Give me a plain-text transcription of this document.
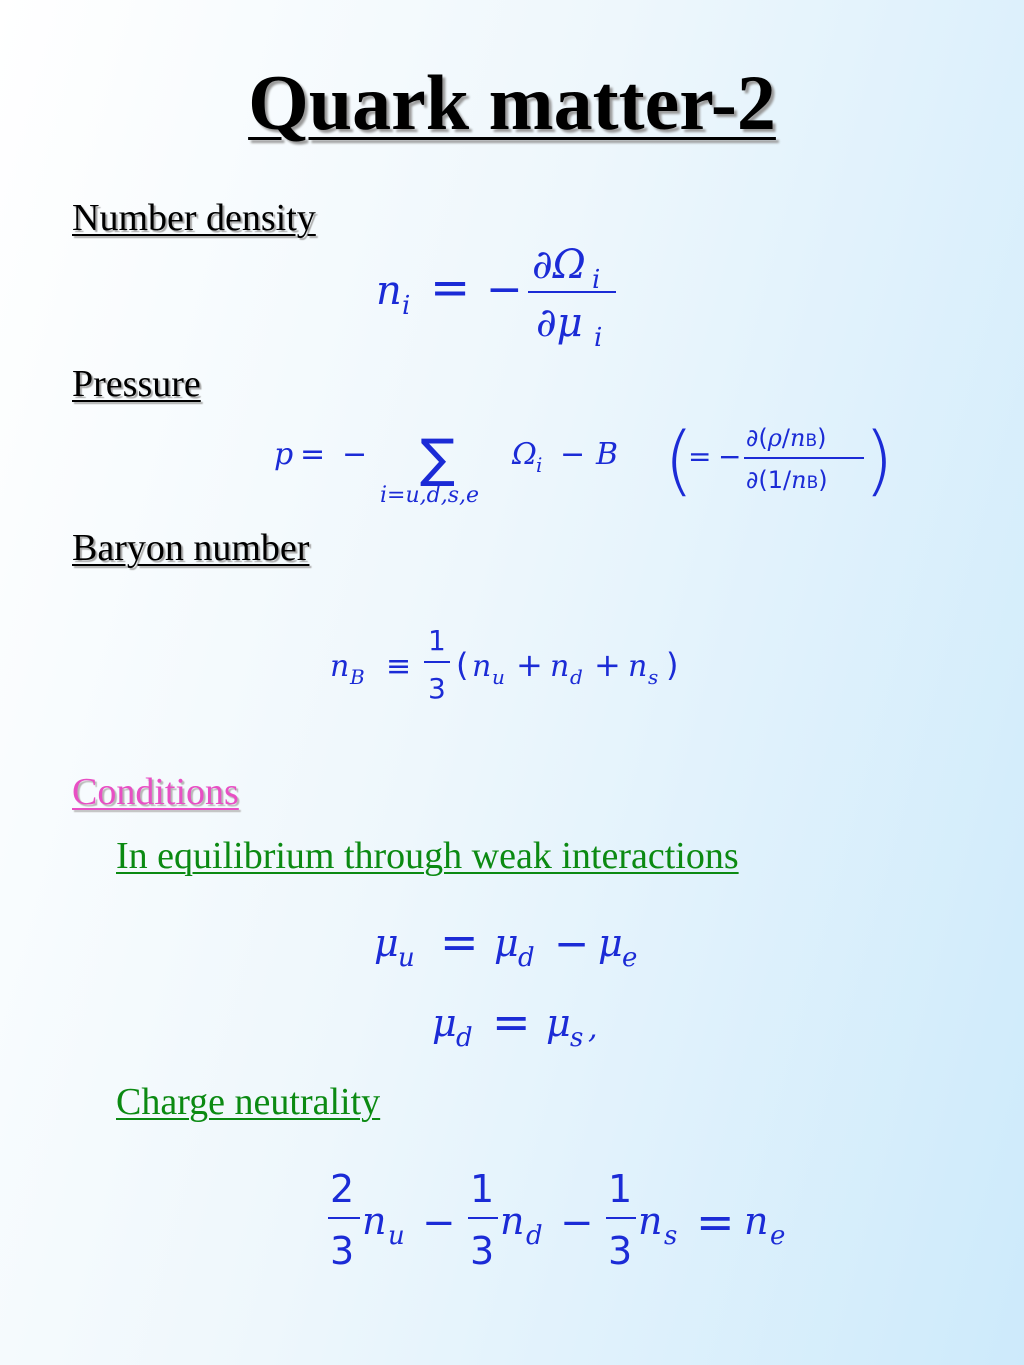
Quark matter-2
Number density
n i = − ∂Ω i
∂μ i
Pressure
p = − ∑
i=u,d,s,e
Ω i − B (
= −
∂(ρ/nB)
∂(1/nB) )
Baryon number
n B ≡
1
3
( n u + n d + n s )
Conditions
In equilibrium through weak interactions
μ u = μ d − μ e
μ d = μ s ,
Charge neutrality
2
3
n u −
1
3
n d −
1
3
n s = n e
